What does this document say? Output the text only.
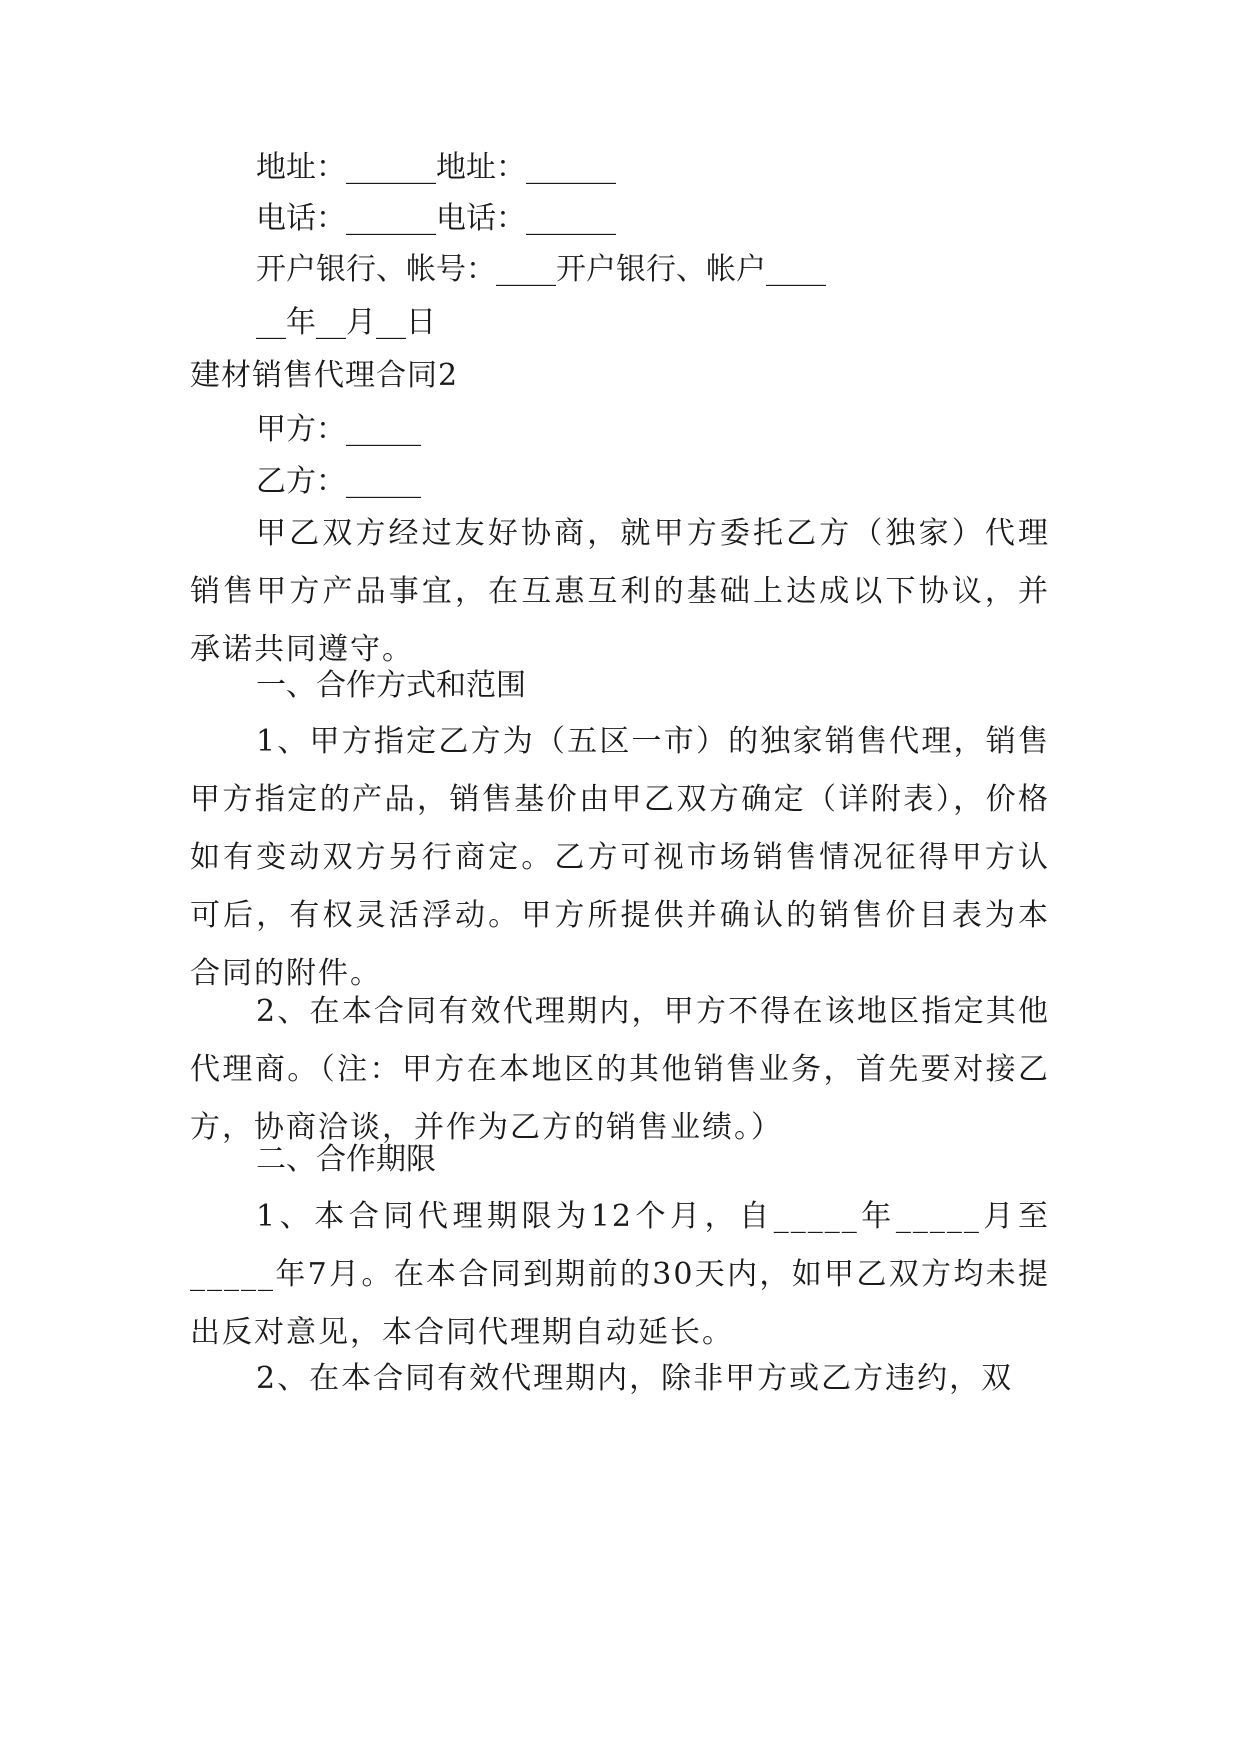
地址：______地址：______

电话：______电话：______

开户银行、帐号：____开户银行、帐户____

__年__月__日

建材销售代理合同2

甲方：_____

乙方：_____

甲乙双方经过友好协商，就甲方委托乙方（独家）代理销售甲方产品事宜，在互惠互利的基础上达成以下协议，并承诺共同遵守。

一、合作方式和范围

1、甲方指定乙方为（五区一市）的独家销售代理，销售甲方指定的产品，销售基价由甲乙双方确定（详附表），价格如有变动双方另行商定。乙方可视市场销售情况征得甲方认可后，有权灵活浮动。甲方所提供并确认的销售价目表为本合同的附件。

2、在本合同有效代理期内，甲方不得在该地区指定其他代理商。（注：甲方在本地区的其他销售业务，首先要对接乙方，协商洽谈，并作为乙方的销售业绩。）

二、合作期限

1、本合同代理期限为12个月，自_____年_____月至_____年7月。在本合同到期前的30天内，如甲乙双方均未提出反对意见，本合同代理期自动延长。

2、在本合同有效代理期内，除非甲方或乙方违约，双
